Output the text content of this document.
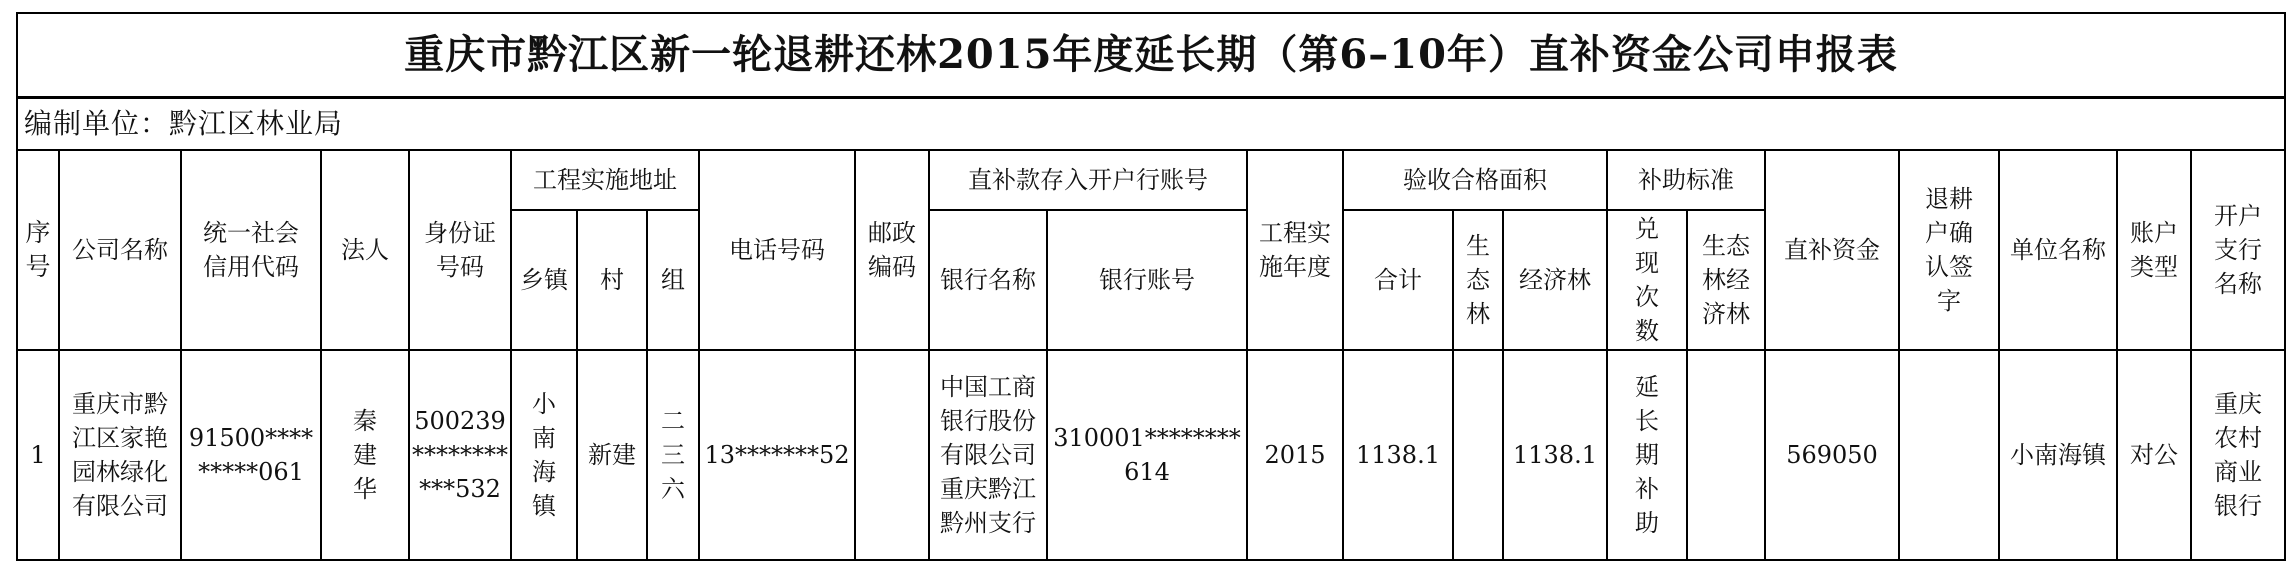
重庆市黔江区新一轮退耕还林2015年度延长期（第6–10年）直补资金公司申报表																						
编制单位：黔江区林业局																						
序号	公司名称	统一社会信用代码	法人	身份证号码	工程实施地址			电话号码	邮政编码	直补款存入开户行账号		工程实施年度	验收合格面积			补助标准		直补资金	退耕户确认签字	单位名称	账户类型	开户支行名称
					乡镇	村	组			银行名称	银行账号		合计	生态林	经济林	兑现次数	生态林经济林					
1	重庆市黔江区家艳园林绿化有限公司	91500*********061	秦建华	500239***********532	小南海镇	新建	二三六	13*******52		中国工商银行股份有限公司重庆黔江黔州支行	310001********614	2015	1138.1		1138.1	延长期补助		569050		小南海镇	对公	重庆农村商业银行
